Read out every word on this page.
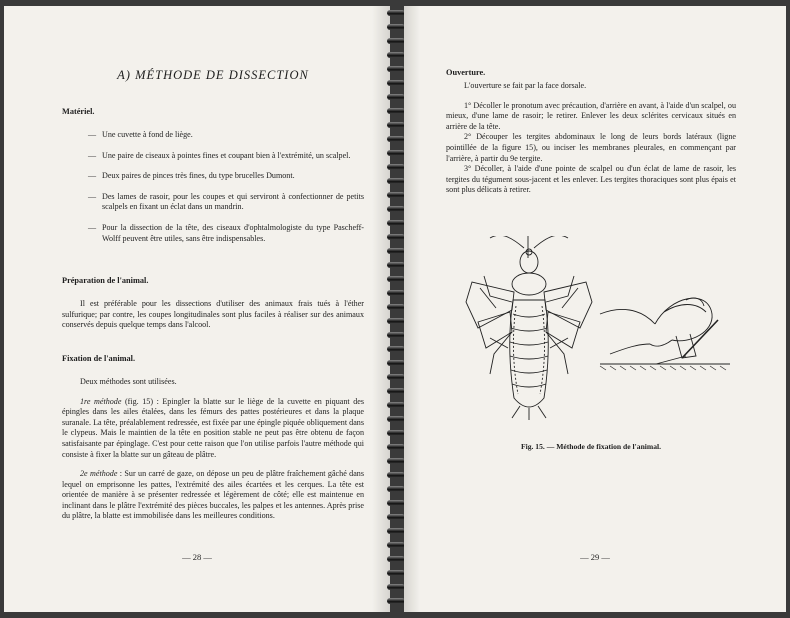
A) MÉTHODE DE DISSECTION
Matériel.
— Une cuvette à fond de liège.
— Une paire de ciseaux à pointes fines et coupant bien à l'extrémité, un scalpel.
— Deux paires de pinces très fines, du type brucelles Dumont.
— Des lames de rasoir, pour les coupes et qui serviront à confectionner de petits scalpels en fixant un éclat dans un mandrin.
— Pour la dissection de la tête, des ciseaux d'ophtalmologiste du type Pascheff-Wolff peuvent être utiles, sans être indispensables.
Préparation de l'animal.

Il est préférable pour les dissections d'utiliser des animaux frais tués à l'éther sulfurique; par contre, les coupes longitudinales sont plus faciles à réaliser sur des animaux conservés depuis quelque temps dans l'alcool.

Fixation de l'animal.

Deux méthodes sont utilisées.

1re méthode (fig. 15) : Epingler la blatte sur le liège de la cuvette en piquant des épingles dans les ailes étalées, dans les fémurs des pattes postérieures et dans la plaque suranale. La tête, préalablement redressée, est fixée par une épingle piquée obliquement dans le clypeus. Mais le maintien de la tête en position stable ne peut pas être obtenu de façon satisfaisante par épinglage. C'est pour cette raison que l'on utilise parfois l'autre méthode qui consiste à fixer la blatte sur un gâteau de plâtre.

2e méthode : Sur un carré de gaze, on dépose un peu de plâtre fraîchement gâché dans lequel on emprisonne les pattes, l'extrémité des ailes écartées et les cerques. La tête est orientée de manière à se présenter redressée et légèrement de côté; elle est maintenue en inclinant dans le plâtre l'extrémité des pièces buccales, les palpes et les antennes. Après prise du plâtre, la blatte est immobilisée dans les meilleures conditions.

— 28 —
Ouverture.

L'ouverture se fait par la face dorsale.

1° Décoller le pronotum avec précaution, d'arrière en avant, à l'aide d'un scalpel, ou mieux, d'une lame de rasoir; le retirer. Enlever les deux sclérites cervicaux situés en arrière de la tête.

2° Découper les tergites abdominaux le long de leurs bords latéraux (ligne pointillée de la figure 15), ou inciser les membranes pleurales, en commençant par l'arrière, à partir du 9e tergite.

3° Décoller, à l'aide d'une pointe de scalpel ou d'un éclat de lame de rasoir, les tergites du tégument sous-jacent et les enlever. Les tergites thoraciques sont plus épais et sont plus délicats à retirer.

Fig. 15. — Méthode de fixation de l'animal.
— 29 —
